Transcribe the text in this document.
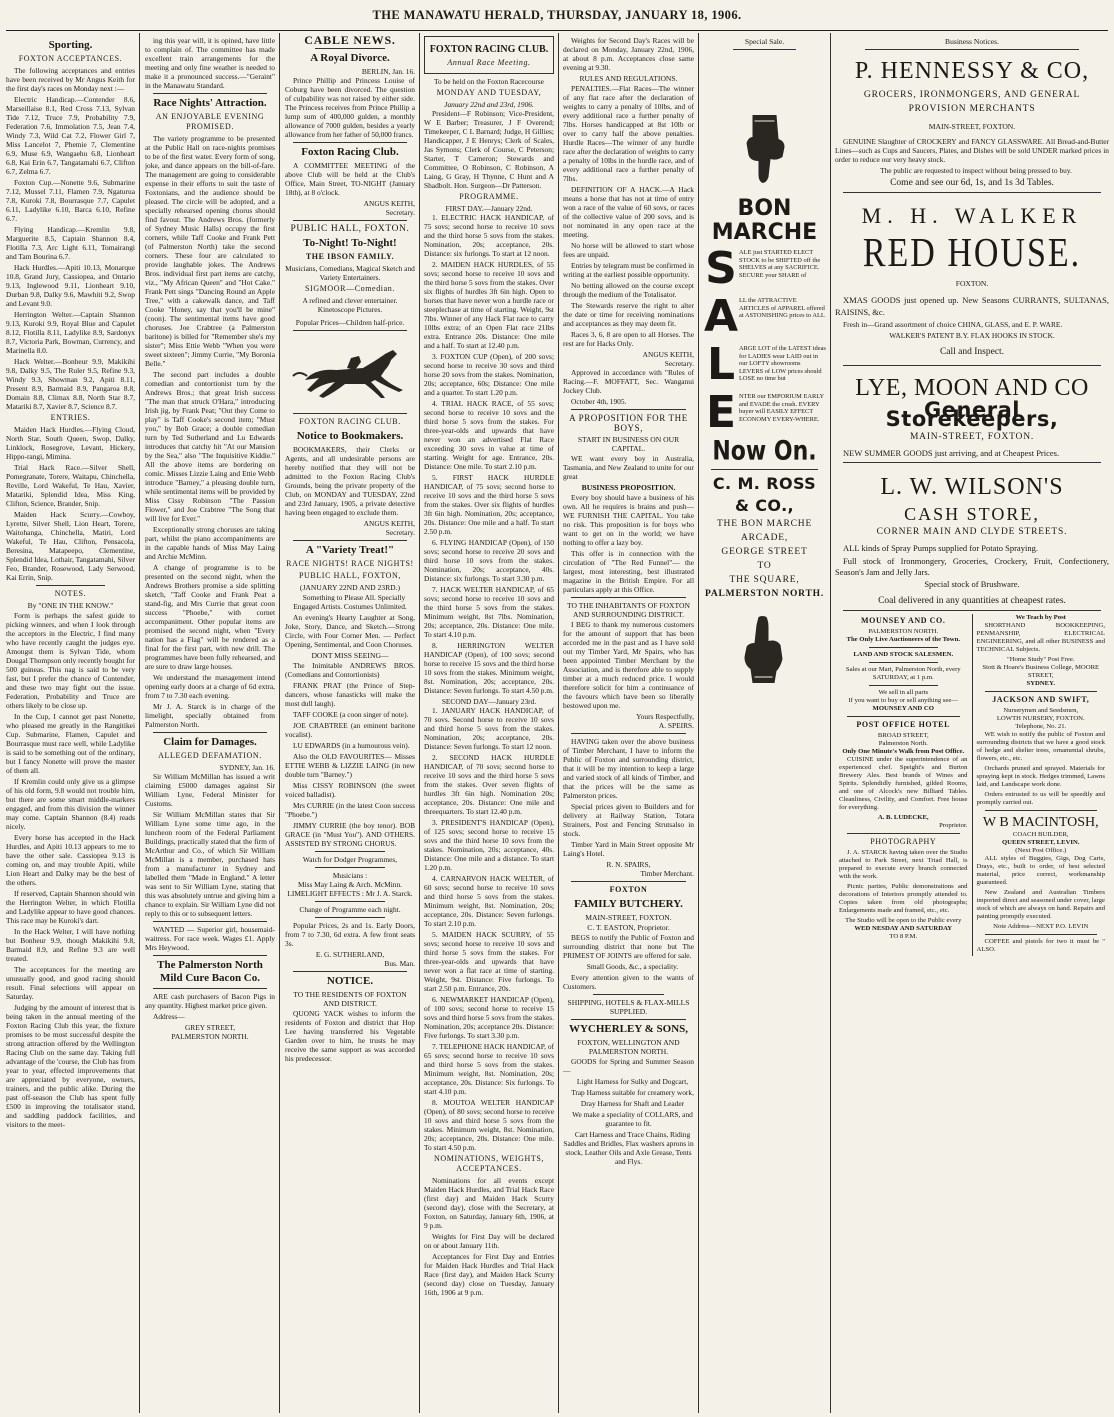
THE MANAWATU HERALD, THURSDAY, JANUARY 18, 1906.
Sporting.
FOXTON ACCEPTANCES.

The following acceptances and entries have been received by Mr Angus Keith for the first day's races on Monday next :—

Electric Handicap.—Contender 8.6, Marseillaise 8.1, Red Cross 7.13, Sylvan Tide 7.12, Truce 7.9, Probability 7.9, Federation 7.6, Immolation 7.5, Jean 7.4, Windy 7.3, Wild Cat 7.2, Flower Girl 7, Miss Lancelot 7, Phemie 7, Clementine 6.9, Muse 6.9, Wangaehu 6.8, Lionheart 6.8, Kai Erin 6.7, Tangatamahi 6.7, Clifton 6.7, Zelma 6.7.

Foxton Cup.—Nonette 9.6, Submarine 7.12, Mussel 7.11, Flamen 7.9, Ngaturua 7.8, Kuroki 7.8, Bourrasque 7.7, Capulet 6.11, Ladylike 6.10, Barca 6.10, Refine 6.7.

Flying Handicap.—Kremlin 9.8, Marguerite 8.5, Captain Shannon 8.4, Flotilla 7.3, Arc Light 6.11, Tomairangi and Tam Bourina 6.7.

Hack Hurdles.—Apiti 10.13, Monarque 10.8, Grand Jury, Cassiopea, and Ontario 9.13, Inglewood 9.11, Lionheart 9.10, Durban 9.8, Dalky 9.6, Mawhiti 9.2, Swop and Levant 9.0.

Herrington Welter.—Captain Shannon 9.13, Kuroki 9.9, Royal Blue and Capulet 8.12, Flotilla 8.11, Ladylike 8.9, Sardonyx 8.7, Victoria Park, Bowman, Currency, and Marinella 8.0.

Hack Welter.—Bonheur 9.9, Makikihi 9.8, Dalky 9.5, The Ruler 9.5, Refine 9.3, Windy 9.3, Showman 9.2, Apiti 8.11, Present 8.9, Barmaid 8.9, Pangaroa 8.8, Domain 8.8, Climax 8.8, North Star 8.7, Matariki 8.7, Xavier 8.7, Science 8.7.

ENTRIES.

Maiden Hack Hurdles.—Flying Cloud, North Star, South Queen, Swop, Dalky, Linklock, Rosegrove, Levant, Hickery, Hippo-rangi, Mimina.

Trial Hack Race.—Silver Shell, Pomegranate, Torere, Waitapu, Chinchella, Reville, Lord Wakeful, Te Hau, Xavier, Matariki, Splendid Idea, Miss King, Clifton, Science, Brander, Snip.

Maiden Hack Scurry.—Cowboy, Lyrette, Silver Shell, Lion Heart, Torere, Waitohanga, Chinchella, Matiri, Lord Wakeful, Te Hau, Clifton, Pensacola, Beresina, Matapeepo, Clementine, Splendid Idea, Lothair, Tangatamahi, Silver Feo, Brander, Rosewood, Lady Serwood, Kai Errin, Snip.

NOTES.
By "ONE IN THE KNOW."

Form is perhaps the safest guide to picking winners, and when I look through the acceptors in the Electric, I find many who have recently caught the judges eye. Amongst them is Sylvan Tide, whom Dougal Thompson only recently bought for 500 guineas. This nag is said to be very fast, but I prefer the chance of Contender, and these two may fight out the issue. Federation, Probability and Truce are others likely to be close up.

In the Cup, I cannot get past Nonette, who pleased me greatly in the Rangitikei Cup. Submarine, Flamen, Capulet and Bourrasque must race well, while Ladylike is said to be something out of the ordinary, but I fancy Nonette will prove the master of them all.

If Kremlin could only give us a glimpse of his old form, 9.8 would not trouble him, but there are some smart middle-markers engaged, and from this division the winner may come. Captain Shannon (8.4) reads nicely.

Every horse has accepted in the Hack Hurdles, and Apiti 10.13 appears to me to have the other sale. Cassiopea 9.13 is coming on, and may trouble Apiti, while Lion Heart and Dalky may be the best of the others.

If reserved, Captain Shannon should win the Herrington Welter, in which Flotilla and Ladylike appear to have good chances. This race may be Kuroki's dart.

In the Hack Welter, I will have nothing but Bonheur 9.9, though Makikihi 9.8, Barmaid 8.9, and Refine 9.3 are well treated.

The acceptances for the meeting are unusually good, and good racing should result. Final selections will appear on Saturday.

Judging by the amount of interest that is being taken in the annual meeting of the Foxton Racing Club this year, the fixture promises to be most successful despite the strong attraction offered by the Wellington Racing Club on the same day. Taking full advantage of the 'course, the Club has from year to year, effected improvements that are appreciated by everyone, owners, trainers, and the public alike. During the past off-season the Club has spent fully £500 in improving the totalisator stand, and saddling paddock facilities, and visitors to the meet-

ing this year will, it is opined, have little to complain of. The committee has made excellent train arrangements for the meeting and only fine weather is needed to make it a pronounced success.—"Geraint" in the Manawatu Standard.

Race Nights' Attraction.
AN ENJOYABLE EVENING PROMISED.

The variety programme to be presented at the Public Hall on race-nights promises to be of the first water. Every form of song, joke, and dance appears on the bill-of-fare. The management are going to considerable expense in their efforts to suit the taste of Foxtonians, and the audience should be pleased. The circle will be adopted, and a specially rehearsed opening chorus should find favour. The Andrews Bros. (formerly of Sydney Music Halls) occupy the first corners, while Taff Cooke and Frank Pett (of Palmerston North) take the second corners. These four are calculated to provide laughable jokes. The Andrews Bros. individual first part items are catchy, viz., "My African Queen" and "Hot Cake." Frank Pett sings "Dancing Round an Apple Tree," with a cakewalk dance, and Taff Cooke "Honey, say that you'll be mine" (coon). The sentimental items have good choruses. Joe Crabtree (a Palmerston baritone) is billed for "Remember she's my sister"; Miss Ettie Webb "When you were sweet sixteen"; Jimmy Currie, "My Boronia Belle."

The second part includes a double comedian and contortionist turn by the Andrews Bros.; that great Irish success "The man that struck O'Hara," introducing Irish jig, by Frank Peat; "Out they Come to play" is Taff Cooke's second item; "Must you," by Bob Grace; a double comedian turn by Ted Sutherland and Lu Edwards introduces that catchy hit "At our Mansion by the Sea," also "The Inquisitive Kiddie." All the above items are bordering on comic. Misses Lizzie Laing and Ettie Webb introduce "Barney," a pleasing double turn, while sentimental items will be provided by Miss Cissy Robinson "The Passion Flower," and Joe Crabtree "The Song that will live for Ever."

Exceptionally strong choruses are taking part, whilst the piano accompaniments are in the capable hands of Miss May Laing and Archie McMinn.

A change of programme is to be presented on the second night, when the Andrews Brothers promise a side splitting sketch, "Taff Cooke and Frank Peat a stand-fig, and Mrs Currie that great coon success "Phoebe," with cornet accompaniment. Other popular items are promised the second night, when "Every nation has a Flag" will be rendered as a final for the first part, with new drill. The programmes have been fully rehearsed, and are sure to draw large houses.

We understand the management intend opening early doors at a charge of 6d extra, from 7 to 7.30 each evening.

Mr J. A. Starck is in charge of the limelight, specially obtained from Palmerston North.

Claim for Damages.
ALLEGED DEFAMATION.
SYDNEY, Jan. 16.

Sir William McMillan has issued a writ claiming £5000 damages against Sir William Lyne, Federal Minister for Customs.

Sir William McMillan states that Sir William Lyne some time ago, in the luncheon room of the Federal Parliament Buildings, practically stated that the firm of McArthur and Co., of which Sir William McMillan is a member, purchased hats from a manufacturer in Sydney and labelled them "Made in England." A letter was sent to Sir William Lyne, stating that this was absolutely untrue and giving him a chance to explain. Sir William Lyne did not reply to this or to subsequent letters.

WANTED — Superior girl, housemaid-waitress. For race week. Wages £1. Apply Mrs Heywood.

The Palmerston North Mild Cure Bacon Co.

ARE cash purchasers of Bacon Pigs in any quantity. Highest market price given.

Address—

GREY STREET,
PALMERSTON NORTH.
CABLE NEWS.
A Royal Divorce.
BERLIN, Jan. 16.

Prince Phillip and Princess Louise of Coburg have been divorced. The question of culpability was not raised by either side. The Princess receives from Prince Phillip a lump sum of 400,000 gulden, a monthly allowance of 7000 gulden, besides a yearly allowance from her father of 50,000 francs.

Foxton Racing Club.

A COMMITTEE MEETING of the above Club will be held at the Club's Office, Main Street, TO-NIGHT (January 18th), at 8 o'clock.

ANGUS KEITH,
Secretary.
PUBLIC HALL, FOXTON.
To-Night! To-Night!
THE IBSON FAMILY.
Musicians, Comedians, Magical Sketch and Variety Entertainers.
SIGMOOR—Comedian.
A refined and clever entertainer. Kinetoscope Pictures.
Popular Prices—Children half-price.
FOXTON RACING CLUB.
Notice to Bookmakers.

BOOKMAKERS, their Clerks or Agents, and all undesirable persons are hereby notified that they will not be admitted to the Foxton Racing Club's Grounds, being the private property of the Club, on MONDAY and TUESDAY, 22nd and 23rd January, 1905, a private detective having been engaged to exclude them.

ANGUS KEITH,
Secretary.
A "Variety Treat!"
RACE NIGHTS! RACE NIGHTS!
PUBLIC HALL, FOXTON,
(JANUARY 22ND AND 23RD.)

Something to Please All. Specially Engaged Artists. Costumes Unlimited.

An evening's Hearty Laughter at Song, Joke, Story, Dance, and Sketch.—Strong Circle, with Four Corner Men. — Perfect Opening, Sentimental, and Coon Choruses.

DONT MISS SEEING—

The Inimitable ANDREWS BROS. (Comedians and Contortionists)

FRANK PRAT (the Prince of Step-dancers, whose fanasticks will make the most dull laugh).

TAFF COOKE (a coon singer of note).

JOE CRABTREE (an eminent baritone vocalist).

LU EDWARDS (in a humourous vein).

Also the OLD FAVOURITES— Misses ETTIE WEBB & LIZZIE LAING (in new double turn "Barney.")

Miss CISSY ROBINSON (the sweet voiced balladist).

Mrs CURRIE (in the latest Coon success "Phoebe.")

JIMMY CURRIE (the boy tenor). BOB GRACE (in "Must You"). AND OTHERS. ASSISTED BY STRONG CHORUS.

Watch for Dodger Programmes,
Musicians :
Miss May Laing & Arch. McMinn. LIMELIGHT EFFECTS : Mr J. A. Starck.
Change of Programme each night.

Popular Prices, 2s and 1s. Early Doors, from 7 to 7.30, 6d extra. A few front seats 3s.

E. G. SUTHERLAND,
Bus. Man.
NOTICE.
TO THE RESIDENTS OF FOXTON AND DISTRICT.

QUONG YACK wishes to inform the residents of Foxton and district that Hop Lee having transferred his Vegetable Garden over to him, he trusts he may receive the same support as was accorded his predecessor.

FOXTON RACING CLUB.
Annual Race Meeting.
To be held on the Foxton Racecourse
MONDAY AND TUESDAY,
January 22nd and 23rd, 1906.

President—F Robinson; Vice-President, W E Barber; Treasurer, J F Overend; Timekeeper, C L Barnard; Judge, H Gillies; Handicapper, J E Henrys; Clerk of Scales, Jas Symons; Clerk of Course, C Peterson; Starter, T Cameron; Stewards and Committee, O Robinson, C Robinson, A Laing, G Gray, H Thynne, C Hunt and A Shadbolt. Hon. Surgeon—Dr Patterson.

PROGRAMME.
FIRST DAY.—January 22nd.

1. ELECTRIC HACK HANDICAP, of 75 sovs; second horse to receive 10 sovs and the third horse 5 sovs from the stakes. Nomination, 20s; acceptance, 20s. Distance: six furlongs. To start at 12 noon.

2. MAIDEN HACK HURDLES, of 55 sovs; second horse to receive 10 sovs and the third horse 5 sovs from the stakes. Over six flights of hurdles 3ft 6in high. Open to horses that have never won a hurdle race or steeplechase at time of starting. Weight, 9st 7lbs. Winner of any Hack Flat race to carry 10lbs extra; of an Open Flat race 21lbs extra. Entrance 20s. Distance: One mile and a half. To start at 12.40 p.m.

3. FOXTON CUP (Open), of 200 sovs; second horse to receive 30 sovs and third horse 20 sovs from the stakes. Nomination, 20s; acceptance, 60s; Distance: One mile and a quarter. To start 1.20 p.m.

4. TRIAL HACK RACE, of 55 sovs; second horse to receive 10 sovs and the third horse 5 sovs from the stakes. For three-year-olds and upwards that have never won an advertised Flat Race exceeding 30 sovs in value at time of starting. Weight for age. Entrance, 20s. Distance: One mile. To start 2.10 p.m.

5. FIRST HACK HURDLE HANDICAP, of 75 sovs; second horse to receive 10 sovs and the third horse 5 sovs from the stakes. Over six flights of hurdles 3ft 6in high. Nomination, 20s; acceptance, 20s. Distance: One mile and a half. To start 2.50 p.m.

6. FLYING HANDICAP (Open), of 150 sovs; second horse to receive 20 sovs and third horse 10 sovs from the stakes. Nomination, 20s; acceptance, 40s. Distance: six furlongs. To start 3.30 p.m.

7. HACK WELTER HANDICAP, of 65 sovs; second horse to receive 10 sovs and the third horse 5 sovs from the stakes. Minimum weight, 8st 7lbs. Nomination, 20s; acceptance, 20s. Distance: One mile. To start 4.10 p.m.

8. HERRINGTON WELTER HANDICAP (Open), of 100 sovs; second horse to receive 15 sovs and the third horse 10 sovs from the stakes. Minimum weight, 8st. Nomination, 20s; acceptance, 20s. Distance: Seven furlongs. To start 4.50 p.m.

SECOND DAY—January 23rd.

1. JANUARY HACK HANDICAP, of 70 sovs. Second horse to receive 10 sovs and third horse 5 sovs from the stakes. Nomination, 20s; acceptance, 20s. Distance: Seven furlongs. To start 12 noon.

2. SECOND HACK HURDLE HANDICAP, of 70 sovs; second horse to receive 10 sovs and the third horse 5 sovs from the stakes. Over seven flights of hurdles 3ft 6in high. Nomination 20s; acceptance, 20s. Distance: One mile and threequarters. To start 12.40 p.m.

3. PRESIDENT'S HANDICAP (Open), of 125 sovs; second horse to receive 15 sovs and the third horse 10 sovs from the stakes. Nomination, 20s; acceptance, 40s. Distance: One mile and a distance. To start 1.20 p.m.

4. CARNARVON HACK WELTER, of 60 sovs; second horse to receive 10 sovs and third horse 5 sovs from the stakes. Minimum weight, 8st. Nomination, 20s; acceptance, 20s. Distance: Seven furlongs. To start 2.10 p.m.

5. MAIDEN HACK SCURRY, of 55 sovs; second horse to receive 10 sovs and third horse 5 sovs from the stakes. For three-year-olds and upwards that have never won a flat race at time of starting. Weight, 9st. Distance: Five furlongs. To start 2.50 p.m. Entrance, 20s.

6. NEWMARKET HANDICAP (Open), of 100 sovs; second horse to receive 15 sovs and third horse 5 sovs from the stakes. Nomination, 20s; acceptance 20s. Distance: Five furlongs. To start 3.30 p.m.

7. TELEPHONE HACK HANDICAP, of 65 sovs; second horse to receive 10 sovs and third horse 5 sovs from the stakes. Minimum weight, 8st. Nomination, 20s; acceptance, 20s. Distance: Six furlongs. To start 4.10 p.m.

8. MOUTOA WELTER HANDICAP (Open), of 80 sovs; second horse to receive 10 sovs and third horse 5 sovs from the stakes. Minimum weight, 8st. Nomination, 20s; acceptance, 20s. Distance: One mile. To start 4.50 p.m.

NOMINATIONS, WEIGHTS, ACCEPTANCES.

Nominations for all events except Maiden Hack Hurdles, and Trial Hack Race (first day) and Maiden Hack Scurry (second day), close with the Secretary, at Foxton, on Saturday, January 6th, 1906, at 9 p.m.

Weights for First Day will be declared on or about January 11th.

Acceptances for First Day and Entries for Maiden Hack Hurdles and Trial Hack Race (first day), and Maiden Hack Scurry (second day) close on Tuesday, January 16th, 1906 at 9 p.m.

Weights for Second Day's Races will be declared on Monday, January 22nd, 1906, at about 8 p.m. Acceptances close same evening at 9.30.

RULES AND REGULATIONS.

PENALTIES.—Flat Races—The winner of any flat race after the declaration of weights to carry a penalty of 10lbs, and of every additional race a further penalty of 7lbs. Horses handicapped at 8st 10lb or over to carry half the above penalties. Hurdle Races—The winner of any hurdle race after the declaration of weights to carry a penalty of 10lbs in the hurdle race, and of every additional race a further penalty of 7lbs.

DEFINITION OF A HACK.—A Hack means a horse that has not at time of entry won a race of the value of 60 sovs, or races of the collective value of 200 sovs, and is not nominated in any open race at the meeting.

No horse will be allowed to start whose fees are unpaid.

Entries by telegram must be confirmed in writing at the earliest possible opportunity.

No betting allowed on the course except through the medium of the Totalisator.

The Stewards reserve the right to alter the date or time for receiving nominations and acceptances as they may deem fit.

Races 3, 6, 8 are open to all Horses. The rest are for Hacks Only.

ANGUS KEITH,
Secretary.

Approved in accordance with "Rules of Racing.—F. MOFFATT, Sec. Wanganui Jockey Club.

October 4th, 1905.

A PROPOSITION FOR THE BOYS,
START IN BUSINESS ON OUR CAPITAL.

WE want every boy in Australia, Tasmania, and New Zealand to unite for our great

BUSINESS PROPOSITION.

Every boy should have a business of his own. All he requires is brains and push—WE FURNISH THE CAPITAL. You take no risk. This proposition is for boys who want to get on in the world; we have nothing to offer a lazy boy.

This offer is in connection with the circulation of "The Red Funnel"— the largest, most interesting, best illustrated magazine in the British Empire. For all particulars apply at this Office.

TO THE INHABITANTS OF FOXTON AND SURROUNDING DISTRICT.

I BEG to thank my numerous customers for the amount of support that has been accorded me in the past and as I have sold out my Timber Yard, Mr Spairs, who has been appointed Timber Merchant by the Association, and is therefore able to supply timber at a much reduced price. I would therefore solicit for him a continuance of the favours which have been so liberally bestowed upon me.

Yours Respectfully,
A. SPEIRS.

HAVING taken over the above business of Timber Merchant, I have to inform the Public of Foxton and surrounding district, that it will be my intention to keep a large and varied stock of all kinds of Timber, and that the prices will be the same as Palmerston prices.

Special prices given to Builders and for delivery at Railway Station, Totara Strainers, Post and Fencing Strutsalso in stock.

Timber Yard in Main Street opposite Mr Laing's Hotel.

R. N. SPAIRS,
Timber Merchant.
FOXTON
FAMILY BUTCHERY.
MAIN-STREET, FOXTON.
C. T. EASTON, Proprietor.

BEGS to notify the Public of Foxton and surrounding district that none but The PRIMEST OF JOINTS are offered for sale.

Small Goods, &c., a speciality.

Every attention given to the wants of Customers.

SHIPPING, HOTELS & FLAX-MILLS SUPPLIED.
WYCHERLEY & SONS,
FOXTON, WELLINGTON AND PALMERSTON NORTH.

GOODS for Spring and Summer Season—

Light Harness for Sulky and Dogcart,

Trap Harness suitable for creamery work,

Dray Harness for Shaft and Leader

We make a speciality of COLLARS, and guarantee to fit.

Cart Harness and Trace Chains, Riding Saddles and Bridles, Flax washers aprons in stock, Leather Oils and Axle Grease, Tents and Flys.

Special Sale.
BON
MARCHE
S ALE just STARTED ELECT STOCK to be SHIFTED off the SHELVES at any SACRIFICE. SECURE your SHARE of
A LL the ATTRACTIVE ARTICLES of APPAREL offered at ASTONISHING prices to ALL
L ARGE LOT of the LATEST ideas for LADIES wear LAID out in our LOFTY showrooms LEVERS of LOW prices should LOSE no time but
E NTER our EMPORIUM EARLY and EVADE the crush. EVERY buyer will EASILY EFFECT ECONOMY EVERY-WHERE.
Now On.
C. M. ROSS & CO.,
THE BON MARCHE ARCADE,
GEORGE STREET
TO
THE SQUARE,
PALMERSTON NORTH.
Business Notices.
P. HENNESSY & CO,
GROCERS, IRONMONGERS, AND GENERAL
PROVISION MERCHANTS
MAIN-STREET, FOXTON.

GENUINE Slaughter of CROCKERY and FANCY GLASSWARE. All Bread-and-Butter Lines—such as Cups and Saucers, Plates, and Dishes will be sold UNDER marked prices in order to reduce our very heavy stock.

The public are requested to inspect without being pressed to buy.

Come and see our 6d, 1s, and 1s 3d Tables.
M. H. WALKER
RED HOUSE.
FOXTON.

XMAS GOODS just opened up. New Seasons CURRANTS, SULTANAS, RAISINS, &c.

Fresh in—Grand assortment of choice CHINA, GLASS, and E. P. WARE.

WALKER'S PATENT B.Y. FLAX HOOKS IN STOCK.
Call and Inspect.
LYE, MOON AND CO
General Storekeepers,
MAIN-STREET, FOXTON.

NEW SUMMER GOODS just arriving, and at Cheapest Prices.

L. W. WILSON'S
CASH STORE,
CORNER MAIN AND CLYDE STREETS.

ALL kinds of Spray Pumps supplied for Potato Spraying.

Full stock of Ironmongery, Groceries, Crockery, Fruit, Confectionery, Season's Jam and Jelly Jars.

Special stock of Brushware.
Coal delivered in any quantities at cheapest rates.
MOUNSEY AND CO.
PALMERSTON NORTH.
The Only Live Auctioneers of the Town.
LAND AND STOCK SALESMEN.
Sales at our Mart, Palmerston North, every
SATURDAY, at 1 p.m.
We sell in all parts
If you want to buy or sell anything see—
MOUNSEY AND CO
POST OFFICE HOTEL
BROAD STREET,
Palmerston North.
Only One Minute's Walk from Post Office.

CUISINE under the superintendence of an experienced chef. Speight's and Burton Brewery Ales. Best brands of Wines and Spirits. Splendidly furnished, gilded Rooms, and one of Alcock's new Billiard Tables. Cleanliness, Civility, and Comfort. Free house for everything.

A. B. LUDECKE,
Proprietor.
PHOTOGRAPHY

J. A. STARCK having taken over the Studio attached to Park Street, next Triad Hall, is prepared to execute every branch connected with the work.

Picnic parties, Public demonstrations and decorations of Interiors promptly attended to. Copies taken from old photographs; Enlargements made and framed, etc., etc.

The Studio will be open to the Public every
WED NESDAY AND SATURDAY
TO 8 P.M.
We Teach by Post

SHORTHAND BOOKKEEPING, PENMANSHIP, ELECTRICAL ENGINEERING, and all other BUSINESS and TECHNICAL Subjects.

"Home Study" Post Free.
Stott & Hoare's Business College, MOORE STREET,
SYDNEY.
JACKSON AND SWIFT,
Nurserymen and Seedsmen,
LOWTH NURSERY, FOXTON.
Telephone, No. 21.

WE wish to notify the public of Foxton and surrounding districts that we have a good stock of hedge and shelter trees, ornamental shrubs, flowers, etc., etc.

Orchards pruned and sprayed. Materials for spraying kept in stock. Hedges trimmed, Lawns laid, and Landscape work done.

Orders entrusted to us will be speedily and promptly carried out.

W B MACINTOSH,
COACH BUILDER,
QUEEN STREET, LEVIN.
(Next Post Office.)

ALL styles of Buggies, Gigs, Dog Carts, Drays, etc., built to order, of best selected material, price correct, workmanship guaranteed.

New Zealand and Australian Timbers imported direct and seasoned under cover, large stock of which are always on hand. Repairs and painting promptly executed.

Note Address—NEXT P.O. LEVIN

COFFEE and pistols for two it must be " ALSO.
